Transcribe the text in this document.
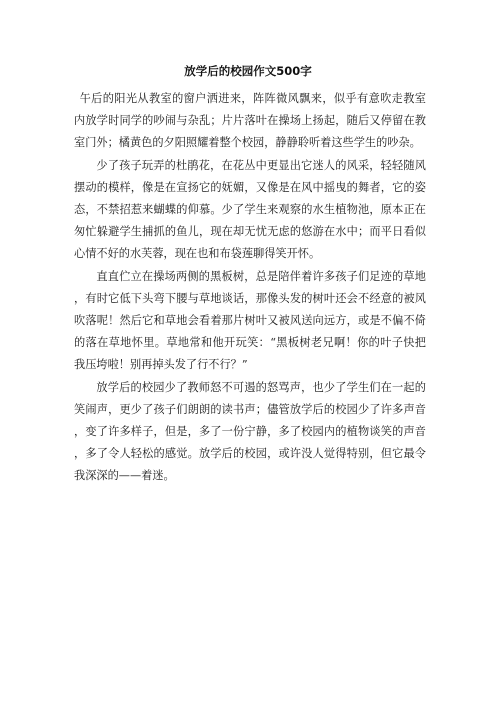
放学后的校园作文500字

午后的阳光从教室的窗户洒进来，阵阵微风飘来，似乎有意吹走教室内放学时同学的吵闹与杂乱；片片落叶在操场上扬起，随后又停留在教室门外；橘黄色的夕阳照耀着整个校园，静静聆听着这些学生的吵杂。

少了孩子玩弄的杜鹃花，在花丛中更显出它迷人的风采，轻轻随风摆动的模样，像是在宣扬它的妩媚，又像是在风中摇曳的舞者，它的姿态，不禁招惹来蝴蝶的仰慕。少了学生来观察的水生植物池，原本正在匆忙躲避学生捕抓的鱼儿，现在却无忧无虑的悠游在水中；而平日看似心情不好的水芙蓉，现在也和布袋莲聊得笑开怀。

直直伫立在操场两侧的黑板树，总是陪伴着许多孩子们足迹的草地，有时它低下头弯下腰与草地谈话，那像头发的树叶还会不经意的被风吹落呢！然后它和草地会看着那片树叶又被风送向远方，或是不偏不倚的落在草地怀里。草地常和他开玩笑：“黑板树老兄啊！你的叶子快把我压垮啦！别再掉头发了行不行？”

放学后的校园少了教师怒不可遏的怒骂声，也少了学生们在一起的笑闹声，更少了孩子们朗朗的读书声；儘管放学后的校园少了许多声音，变了许多样子，但是，多了一份宁静，多了校园内的植物谈笑的声音，多了令人轻松的感觉。放学后的校园，或许没人觉得特别，但它最令我深深的——着迷。
